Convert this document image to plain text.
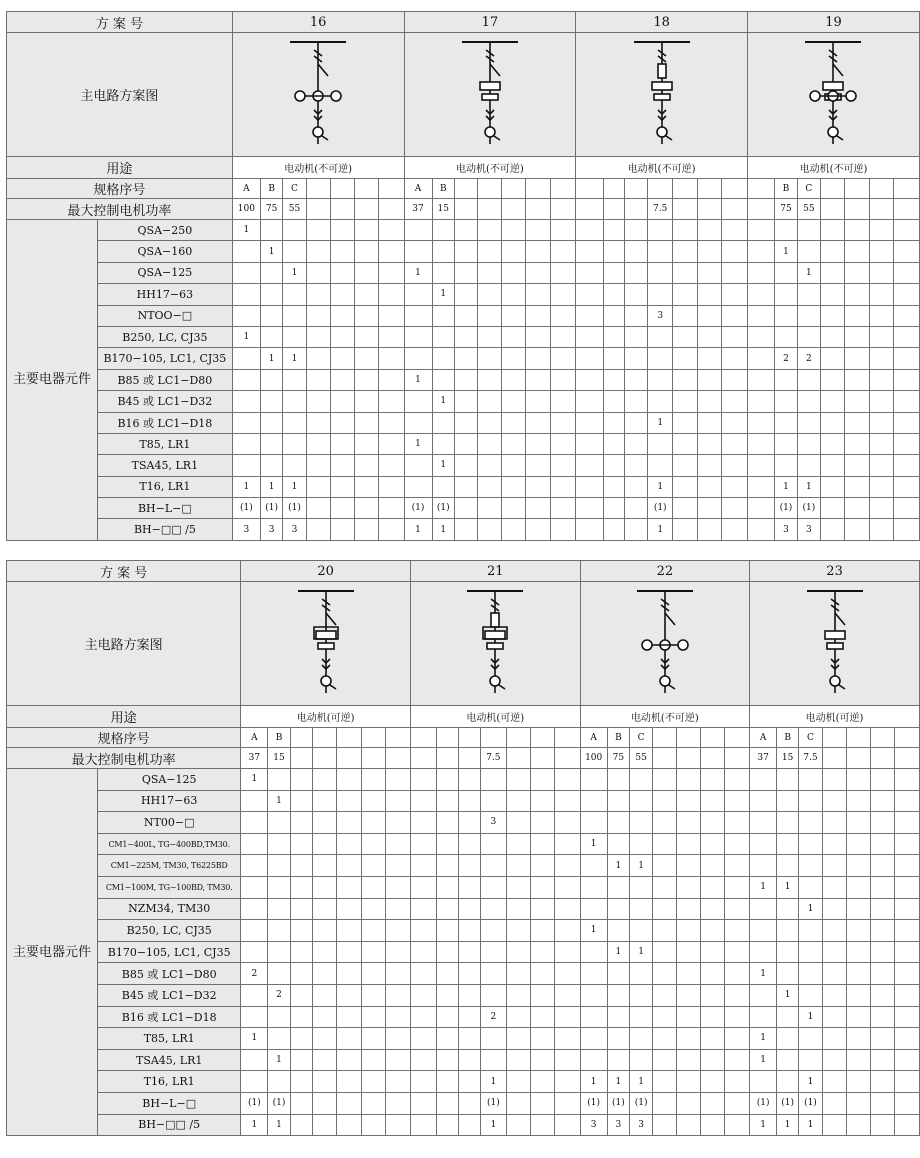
方 案 号		16							17							18							19						
主电路方案图	

用途		电动机(不可逆)							电动机(不可逆)							电动机(不可逆)							电动机(不可逆)						
规格序号		A	B	C					A	B														B	C				
最大控制电机功率		100	75	55					37	15									7.5					75	55				
主要电器元件	QSA−250	1																											
	QSA−160		1																					1					
	QSA−125			1					1																1				
	HH17−63									1																			
	NTOO−□																		3										
	B250, LC, CJ35	1																											
	B170−105, LC1, CJ35		1	1																				2	2				
	B85 或 LC1−D80								1																				
	B45 或 LC1−D32									1																			
	B16 或 LC1−D18																		1										
	T85, LR1								1																				
	TSA45, LR1									1																			
	T16, LR1	1	1	1															1					1	1				
	BH−L−□	(1)	(1)	(1)					(1)	(1)									(1)					(1)	(1)				
	BH−□□ /5	3	3	3					1	1									1					3	3				
方 案 号		20							21							22							23						
主电路方案图	

用途		电动机(可逆)							电动机(可逆)							电动机(不可逆)							电动机(可逆)						
规格序号		A	B													A	B	C					A	B	C				
最大控制电机功率		37	15									7.5				100	75	55					37	15	7.5				
主要电器元件	QSA−125	1																											
	HH17−63		1																										
	NT00−□											3																	
	CM1−400L, TG−400BD,TM30.															1													
	CM1−225M, TM30, T6225BD																1	1											
	CM1−100M, TG−100BD, TM30.																						1	1					
	NZM34, TM30																								1				
	B250, LC, CJ35															1													
	B170−105, LC1, CJ35																1	1											
	B85 或 LC1−D80	2																					1						
	B45 或 LC1−D32		2																					1					
	B16 或 LC1−D18											2													1				
	T85, LR1	1																					1						
	TSA45, LR1		1																				1						
	T16, LR1											1				1	1	1							1				
	BH−L−□	(1)	(1)									(1)				(1)	(1)	(1)					(1)	(1)	(1)				
	BH−□□ /5	1	1									1				3	3	3					1	1	1				
